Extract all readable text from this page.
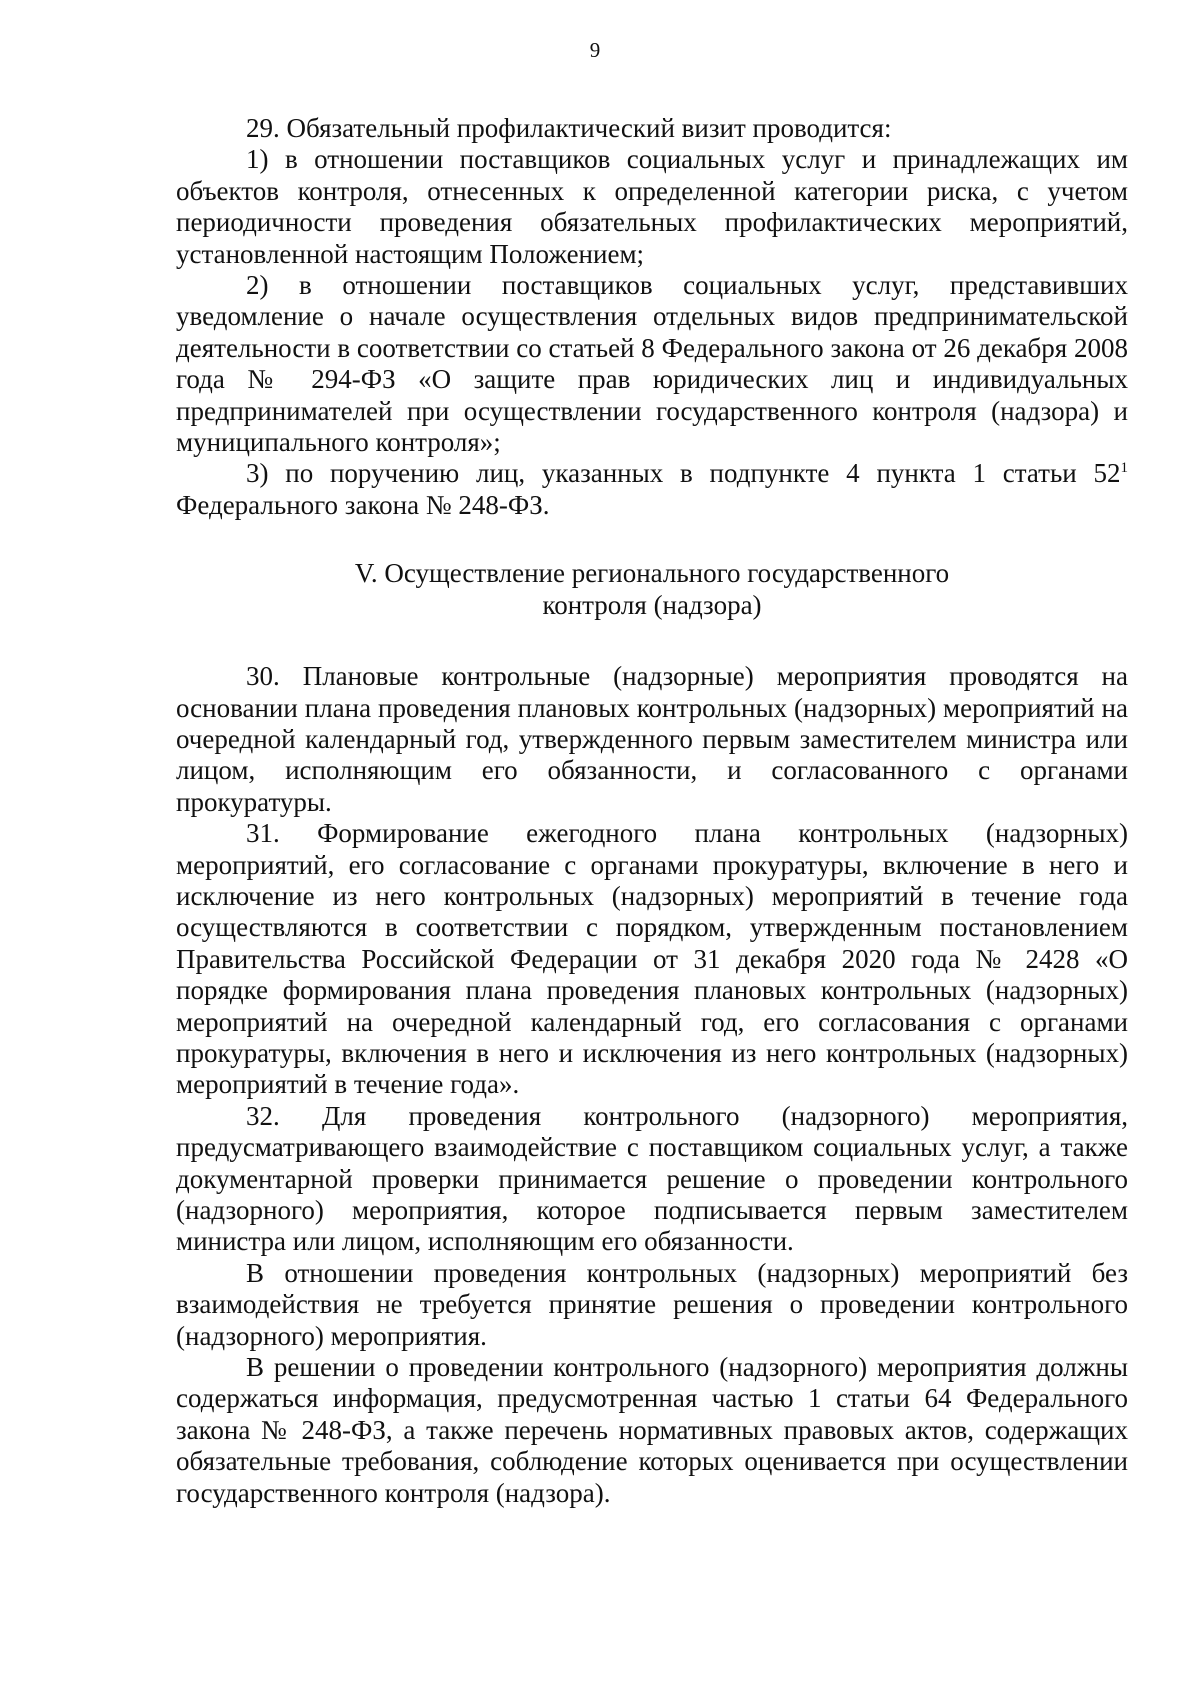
9

29. Обязательный профилактический визит проводится:

1) в отношении поставщиков социальных услуг и принадлежащих им объектов контроля, отнесенных к определенной категории риска, с учетом периодичности проведения обязательных профилактических мероприятий, установленной настоящим Положением;

2) в отношении поставщиков социальных услуг, представивших уведомление о начале осуществления отдельных видов предпринимательской деятельности в соответствии со статьей 8 Федерального закона от 26 декабря 2008 года № 294-ФЗ «О защите прав юридических лиц и индивидуальных предпринимателей при осуществлении государственного контроля (надзора) и муниципального контроля»;

3) по поручению лиц, указанных в подпункте 4 пункта 1 статьи $52^1$ Федерального закона № 248-ФЗ.

V. Осуществление регионального государственного
контроля (надзора)

30. Плановые контрольные (надзорные) мероприятия проводятся на основании плана проведения плановых контрольных (надзорных) мероприятий на очередной календарный год, утвержденного первым заместителем министра или лицом, исполняющим его обязанности, и согласованного с органами прокуратуры.

31. Формирование ежегодного плана контрольных (надзорных) мероприятий, его согласование с органами прокуратуры, включение в него и исключение из него контрольных (надзорных) мероприятий в течение года осуществляются в соответствии с порядком, утвержденным постановлением Правительства Российской Федерации от 31 декабря 2020 года № 2428 «О порядке формирования плана проведения плановых контрольных (надзорных) мероприятий на очередной календарный год, его согласования с органами прокуратуры, включения в него и исключения из него контрольных (надзорных) мероприятий в течение года».

32. Для проведения контрольного (надзорного) мероприятия, предусматривающего взаимодействие с поставщиком социальных услуг, а также документарной проверки принимается решение о проведении контрольного (надзорного) мероприятия, которое подписывается первым заместителем министра или лицом, исполняющим его обязанности.

В отношении проведения контрольных (надзорных) мероприятий без взаимодействия не требуется принятие решения о проведении контрольного (надзорного) мероприятия.

В решении о проведении контрольного (надзорного) мероприятия должны содержаться информация, предусмотренная частью 1 статьи 64 Федерального закона № 248-ФЗ, а также перечень нормативных правовых актов, содержащих обязательные требования, соблюдение которых оценивается при осуществлении государственного контроля (надзора).
